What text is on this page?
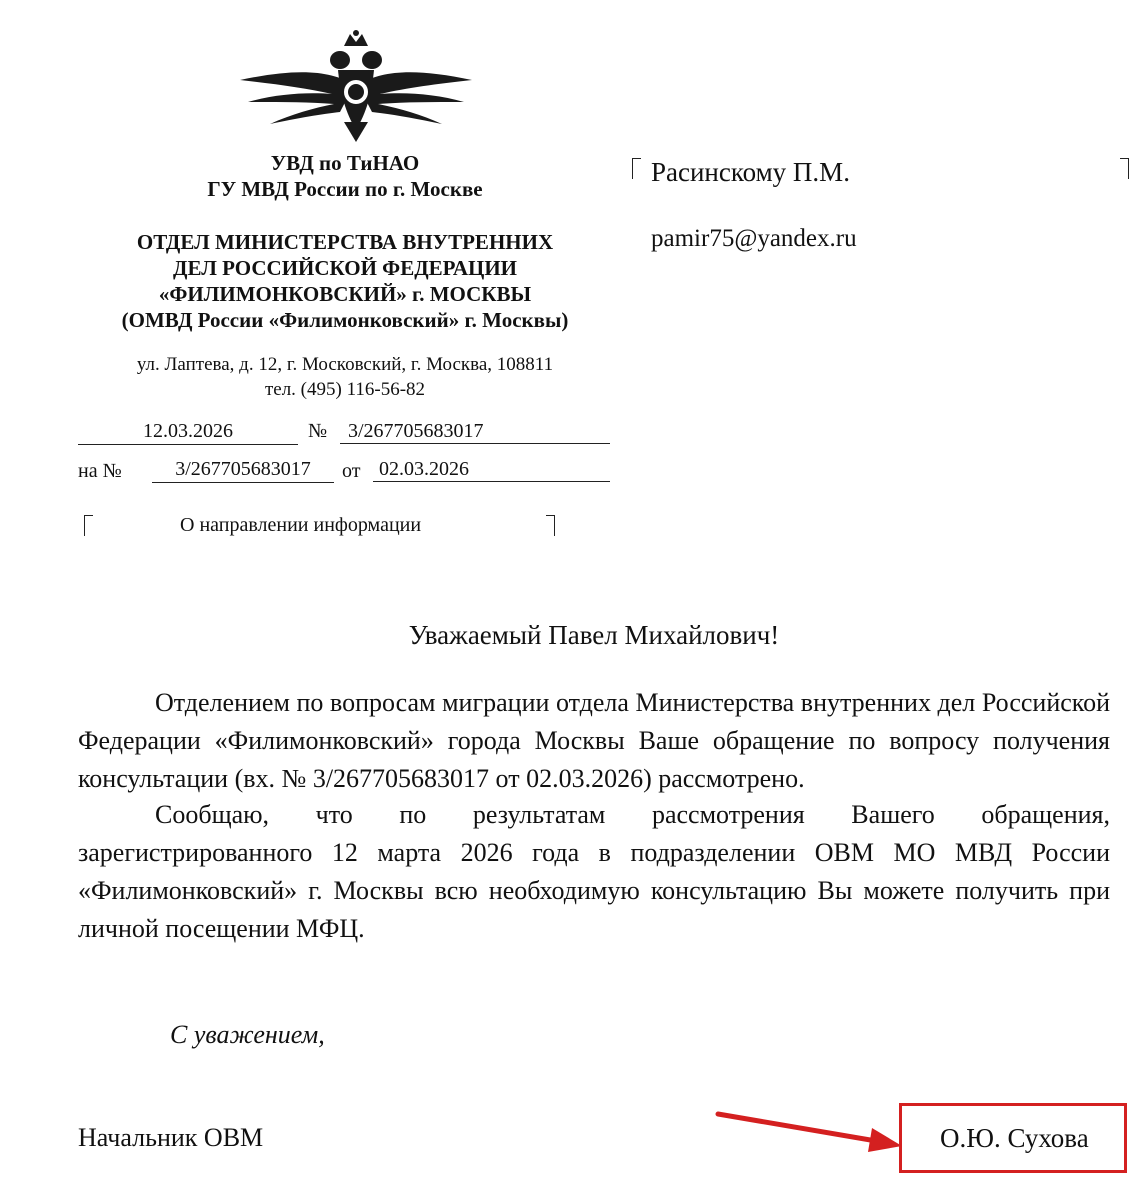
УВД по ТиНАО
ГУ МВД России по г. Москве
ОТДЕЛ МИНИСТЕРСТВА ВНУТРЕННИХ
ДЕЛ РОССИЙСКОЙ ФЕДЕРАЦИИ
«ФИЛИМОНКОВСКИЙ» г. МОСКВЫ
(ОМВД России «Филимонковский» г. Москвы)
ул. Лаптева, д. 12, г. Московский, г. Москва, 108811
тел. (495) 116-56-82
12.03.2026	№	3/267705683017
на №	3/267705683017	от 02.03.2026
О направлении информации
Расинскому П.М.
pamir75@yandex.ru
Уважаемый Павел Михайлович!

Отделением по вопросам миграции отдела Министерства внутренних дел Российской Федерации «Филимонковский» города Москвы Ваше обращение по вопросу получения консультации (вх. № 3/267705683017 от 02.03.2026) рассмотрено.

Сообщаю, что по результатам рассмотрения Вашего обращения, зарегистрированного 12 марта 2026 года в подразделении ОВМ МО МВД России «Филимонковский» г. Москвы всю необходимую консультацию Вы можете получить при личной посещении МФЦ.

С уважением,
Начальник ОВМ	О.Ю. Сухова
